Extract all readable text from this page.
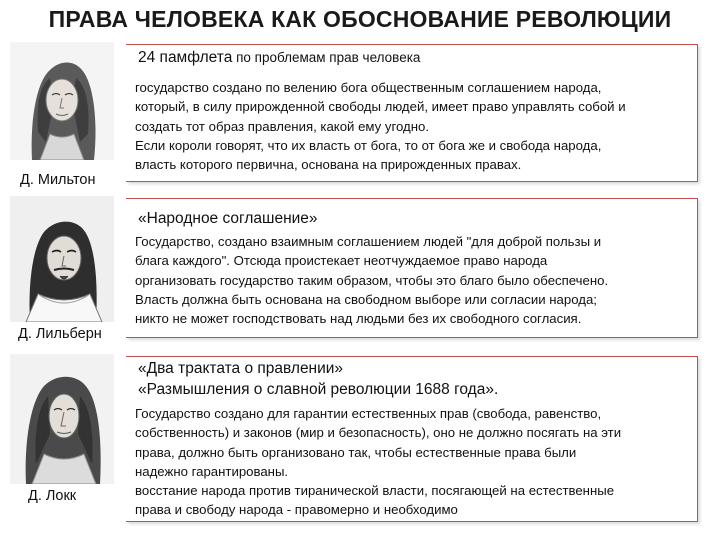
ПРАВА ЧЕЛОВЕКА КАК ОБОСНОВАНИЕ РЕВОЛЮЦИИ
Д. Мильтон
24 памфлета по проблемам прав человека
государство создано по велению бога общественным соглашением народа,
который, в силу прирожденной свободы людей, имеет право управлять собой и
создать тот образ правления, какой ему угодно.
Если короли говорят, что их власть от бога, то от бога же и свобода народа,
власть которого первична, основана на прирожденных правах.
Д. Лильберн
«Народное соглашение»
Государство, создано взаимным соглашением людей "для доброй пользы и
блага каждого". Отсюда проистекает неотчуждаемое право народа
организовать государство таким образом, чтобы это благо было обеспечено.
Власть должна быть основана на свободном выборе или согласии народа;
никто не может господствовать над людьми без их свободного согласия.
Д. Локк
«Два трактата о правлении»
«Размышления о славной революции 1688 года».
Государство создано для гарантии естественных прав (свобода, равенство,
собственность) и законов (мир и безопасность), оно не должно посягать на эти
права, должно быть организовано так, чтобы естественные права были
надежно гарантированы.
восстание народа против тиранической власти, посягающей на естественные
права и свободу народа - правомерно и необходимо
